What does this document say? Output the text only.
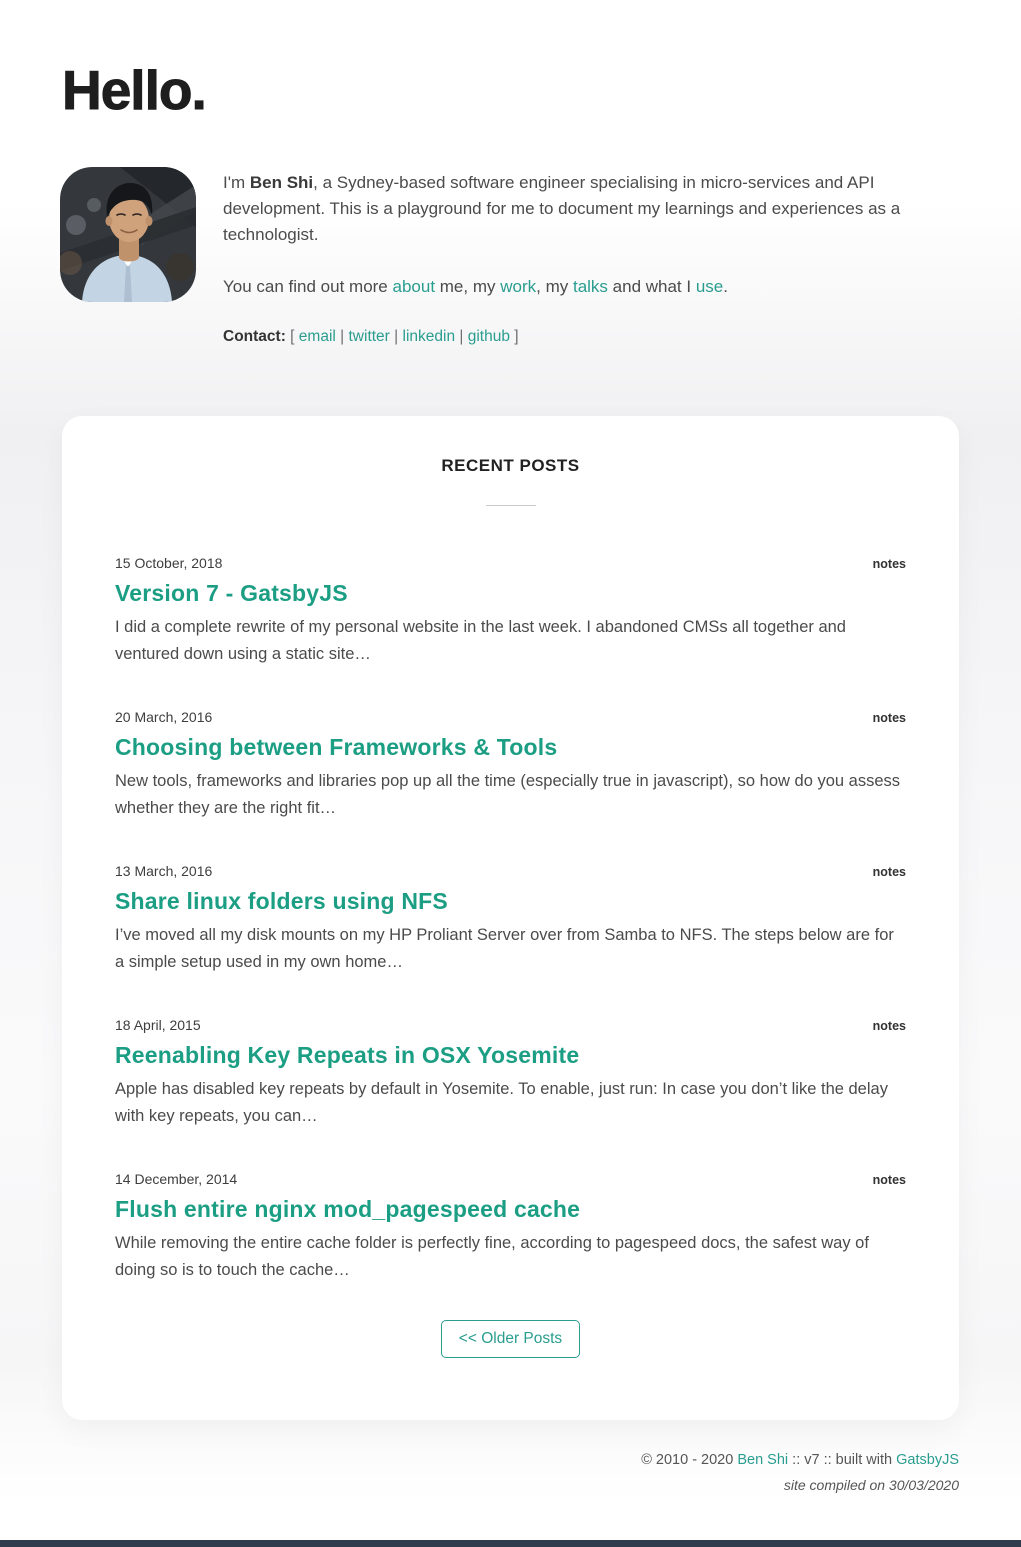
Hello.

I'm Ben Shi, a Sydney-based software engineer specialising in micro-services and API development. This is a playground for me to document my learnings and experiences as a technologist.

You can find out more about me, my work, my talks and what I use.

Contact: [ email | twitter | linkedin | github ]

RECENT POSTS
15 October, 2018	notes
Version 7 - GatsbyJS

I did a complete rewrite of my personal website in the last week. I abandoned CMSs all together and ventured down using a static site…

20 March, 2016	notes
Choosing between Frameworks & Tools

New tools, frameworks and libraries pop up all the time (especially true in javascript), so how do you assess whether they are the right fit…

13 March, 2016	notes
Share linux folders using NFS

I’ve moved all my disk mounts on my HP Proliant Server over from Samba to NFS. The steps below are for a simple setup used in my own home…

18 April, 2015	notes
Reenabling Key Repeats in OSX Yosemite

Apple has disabled key repeats by default in Yosemite. To enable, just run: In case you don’t like the delay with key repeats, you can…

14 December, 2014	notes
Flush entire nginx mod_pagespeed cache

While removing the entire cache folder is perfectly fine, according to pagespeed docs, the safest way of doing so is to touch the cache…

<< Older Posts

© 2010 - 2020 Ben Shi :: v7 :: built with GatsbyJS

site compiled on 30/03/2020
